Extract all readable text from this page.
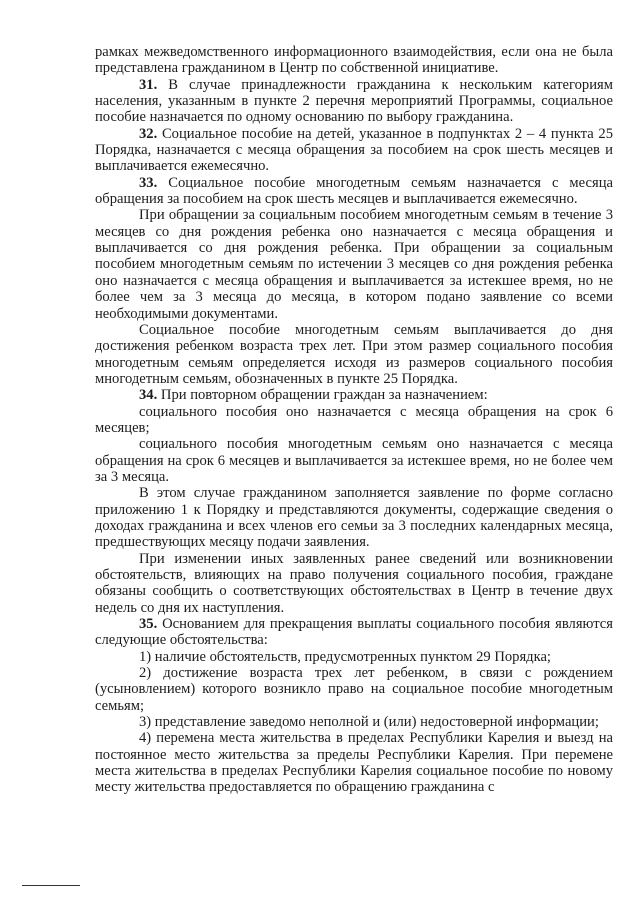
рамках межведомственного информационного взаимодействия, если она не была представлена гражданином в Центр по собственной инициативе.

31. В случае принадлежности гражданина к нескольким категориям населения, указанным в пункте 2 перечня мероприятий Программы, социальное пособие назначается по одному основанию по выбору гражданина.

32. Социальное пособие на детей, указанное в подпунктах 2 – 4 пункта 25 Порядка, назначается с месяца обращения за пособием на срок шесть месяцев и выплачивается ежемесячно.

33. Социальное пособие многодетным семьям назначается с месяца обращения за пособием на срок шесть месяцев и выплачивается ежемесячно.

При обращении за социальным пособием многодетным семьям в течение 3 месяцев со дня рождения ребенка оно назначается с месяца обращения и выплачивается со дня рождения ребенка. При обращении за социальным пособием многодетным семьям по истечении 3 месяцев со дня рождения ребенка оно назначается с месяца обращения и выплачивается за истекшее время, но не более чем за 3 месяца до месяца, в котором подано заявление со всеми необходимыми документами.

Социальное пособие многодетным семьям выплачивается до дня достижения ребенком возраста трех лет. При этом размер социального пособия многодетным семьям определяется исходя из размеров социального пособия многодетным семьям, обозначенных в пункте 25 Порядка.

34. При повторном обращении граждан за назначением:

социального пособия оно назначается с месяца обращения на срок 6 месяцев;

социального пособия многодетным семьям оно назначается с месяца обращения на срок 6 месяцев и выплачивается за истекшее время, но не более чем за 3 месяца.

В этом случае гражданином заполняется заявление по форме согласно приложению 1 к Порядку и представляются документы, содержащие сведения о доходах гражданина и всех членов его семьи за 3 последних календарных месяца, предшествующих месяцу подачи заявления.

При изменении иных заявленных ранее сведений или возникновении обстоятельств, влияющих на право получения социального пособия, граждане обязаны сообщить о соответствующих обстоятельствах в Центр в течение двух недель со дня их наступления.

35. Основанием для прекращения выплаты социального пособия являются следующие обстоятельства:

1) наличие обстоятельств, предусмотренных пунктом 29 Порядка;

2) достижение возраста трех лет ребенком, в связи с рождением (усыновлением) которого возникло право на социальное пособие многодетным семьям;

3) представление заведомо неполной и (или) недостоверной информации;

4) перемена места жительства в пределах Республики Карелия и выезд на постоянное место жительства за пределы Республики Карелия. При перемене места жительства в пределах Республики Карелия социальное пособие по новому месту жительства предоставляется по обращению гражданина с
